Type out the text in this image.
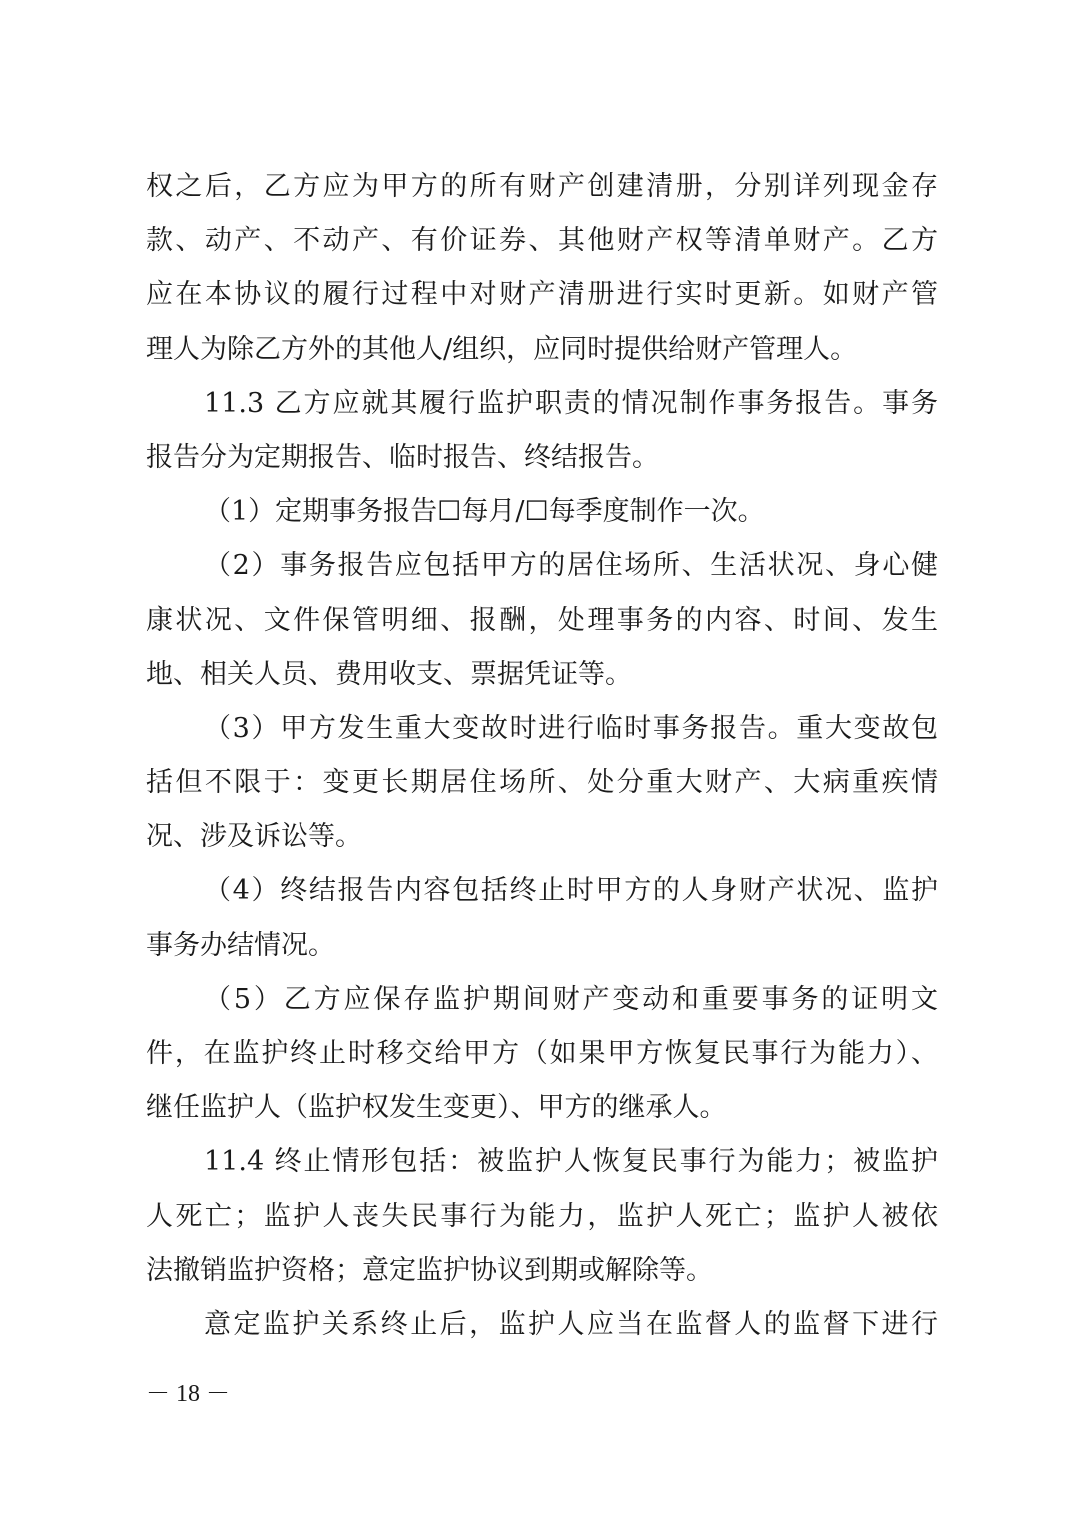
权之后，乙方应为甲方的所有财产创建清册，分别详列现金存
款、动产、不动产、有价证券、其他财产权等清单财产。乙方
应在本协议的履行过程中对财产清册进行实时更新。如财产管
理人为除乙方外的其他人/组织，应同时提供给财产管理人。
11.3 乙方应就其履行监护职责的情况制作事务报告。事务
报告分为定期报告、临时报告、终结报告。
（1）定期事务报告☐每月/☐每季度制作一次。
（2）事务报告应包括甲方的居住场所、生活状况、身心健
康状况、文件保管明细、报酬，处理事务的内容、时间、发生
地、相关人员、费用收支、票据凭证等。
（3）甲方发生重大变故时进行临时事务报告。重大变故包
括但不限于：变更长期居住场所、处分重大财产、大病重疾情
况、涉及诉讼等。
（4）终结报告内容包括终止时甲方的人身财产状况、监护
事务办结情况。
（5）乙方应保存监护期间财产变动和重要事务的证明文
件，在监护终止时移交给甲方（如果甲方恢复民事行为能力）、
继任监护人（监护权发生变更）、甲方的继承人。
11.4 终止情形包括：被监护人恢复民事行为能力；被监护
人死亡；监护人丧失民事行为能力，监护人死亡；监护人被依
法撤销监护资格；意定监护协议到期或解除等。
意定监护关系终止后，监护人应当在监督人的监督下进行
－ 18 －
